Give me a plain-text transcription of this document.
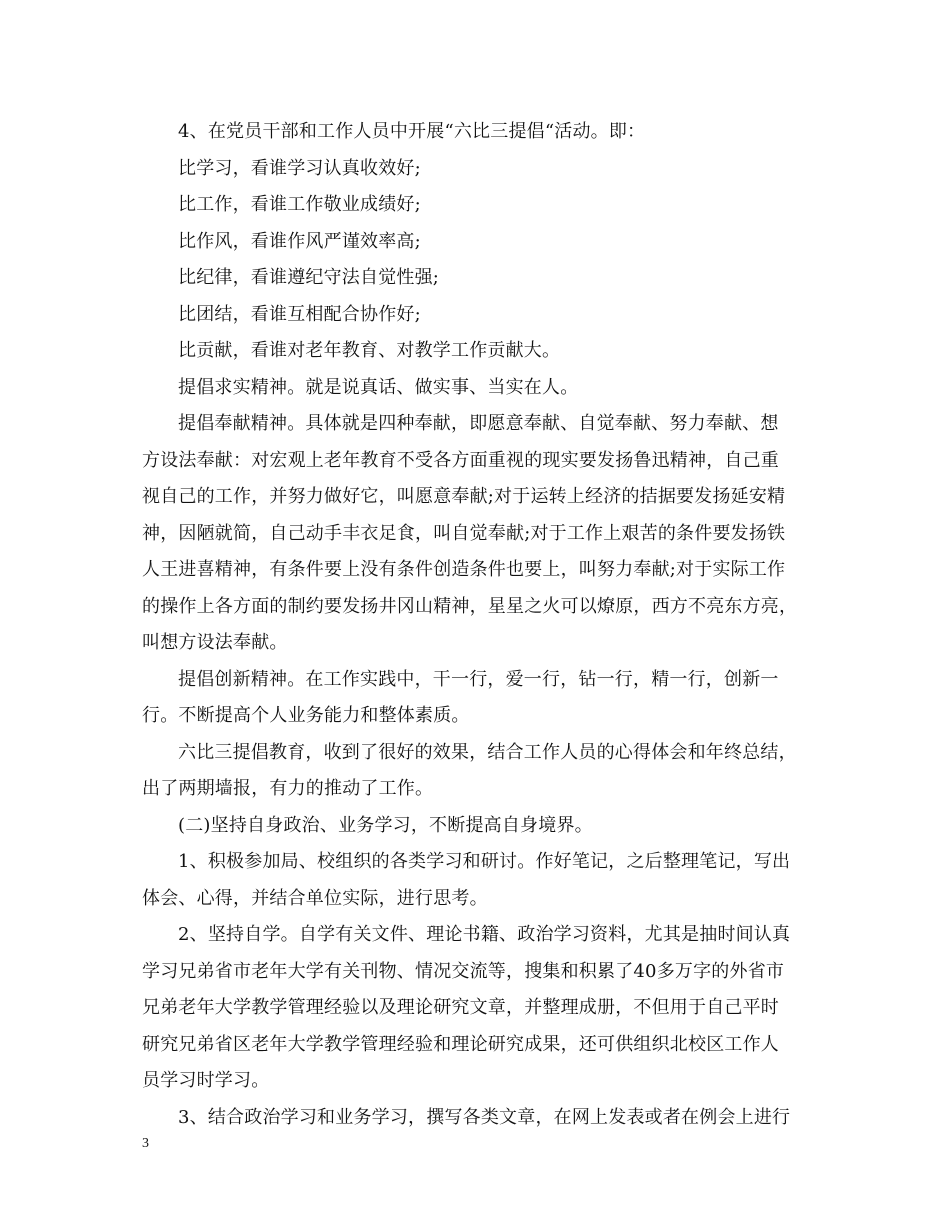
4、在党员干部和工作人员中开展“六比三提倡“活动。即：
比学习，看谁学习认真收效好;
比工作，看谁工作敬业成绩好;
比作风，看谁作风严谨效率高;
比纪律，看谁遵纪守法自觉性强;
比团结，看谁互相配合协作好;
比贡献，看谁对老年教育、对教学工作贡献大。
提倡求实精神。就是说真话、做实事、当实在人。
提倡奉献精神。具体就是四种奉献，即愿意奉献、自觉奉献、努力奉献、想
方设法奉献：对宏观上老年教育不受各方面重视的现实要发扬鲁迅精神，自己重
视自己的工作，并努力做好它，叫愿意奉献;对于运转上经济的拮据要发扬延安精
神，因陋就简，自己动手丰衣足食，叫自觉奉献;对于工作上艰苦的条件要发扬铁
人王进喜精神，有条件要上没有条件创造条件也要上，叫努力奉献;对于实际工作
的操作上各方面的制约要发扬井冈山精神，星星之火可以燎原，西方不亮东方亮，
叫想方设法奉献。
提倡创新精神。在工作实践中，干一行，爱一行，钻一行，精一行，创新一
行。不断提高个人业务能力和整体素质。
六比三提倡教育，收到了很好的效果，结合工作人员的心得体会和年终总结，
出了两期墙报，有力的推动了工作。
(二)坚持自身政治、业务学习，不断提高自身境界。
1、积极参加局、校组织的各类学习和研讨。作好笔记，之后整理笔记，写出
体会、心得，并结合单位实际，进行思考。
2、坚持自学。自学有关文件、理论书籍、政治学习资料，尤其是抽时间认真
学习兄弟省市老年大学有关刊物、情况交流等，搜集和积累了40多万字的外省市
兄弟老年大学教学管理经验以及理论研究文章，并整理成册，不但用于自己平时
研究兄弟省区老年大学教学管理经验和理论研究成果，还可供组织北校区工作人
员学习时学习。
3、结合政治学习和业务学习，撰写各类文章，在网上发表或者在例会上进行
3
